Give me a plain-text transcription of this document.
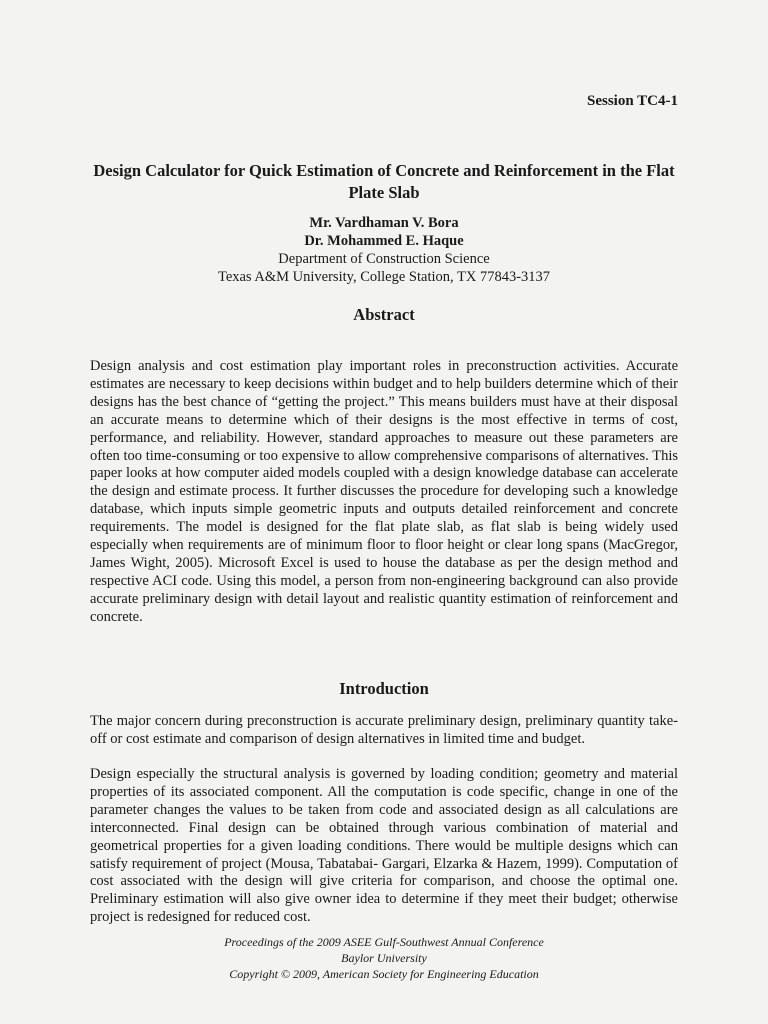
Session TC4-1
Design Calculator for Quick Estimation of Concrete and Reinforcement in the Flat Plate Slab
Mr. Vardhaman V. Bora
Dr. Mohammed E. Haque
Department of Construction Science
Texas A&M University, College Station, TX 77843-3137
Abstract

Design analysis and cost estimation play important roles in preconstruction activities. Accurate estimates are necessary to keep decisions within budget and to help builders determine which of their designs has the best chance of “getting the project.” This means builders must have at their disposal an accurate means to determine which of their designs is the most effective in terms of cost, performance, and reliability. However, standard approaches to measure out these parameters are often too time-consuming or too expensive to allow comprehensive comparisons of alternatives. This paper looks at how computer aided models coupled with a design knowledge database can accelerate the design and estimate process. It further discusses the procedure for developing such a knowledge database, which inputs simple geometric inputs and outputs detailed reinforcement and concrete requirements. The model is designed for the flat plate slab, as flat slab is being widely used especially when requirements are of minimum floor to floor height or clear long spans (MacGregor, James Wight, 2005). Microsoft Excel is used to house the database as per the design method and respective ACI code. Using this model, a person from non-engineering background can also provide accurate preliminary design with detail layout and realistic quantity estimation of reinforcement and concrete.

Introduction

The major concern during preconstruction is accurate preliminary design, preliminary quantity take-off or cost estimate and comparison of design alternatives in limited time and budget.

Design especially the structural analysis is governed by loading condition; geometry and material properties of its associated component. All the computation is code specific, change in one of the parameter changes the values to be taken from code and associated design as all calculations are interconnected. Final design can be obtained through various combination of material and geometrical properties for a given loading conditions. There would be multiple designs which can satisfy requirement of project (Mousa, Tabatabai- Gargari, Elzarka & Hazem, 1999). Computation of cost associated with the design will give criteria for comparison, and choose the optimal one. Preliminary estimation will also give owner idea to determine if they meet their budget; otherwise project is redesigned for reduced cost.

Proceedings of the 2009 ASEE Gulf-Southwest Annual Conference
Baylor University
Copyright © 2009, American Society for Engineering Education
